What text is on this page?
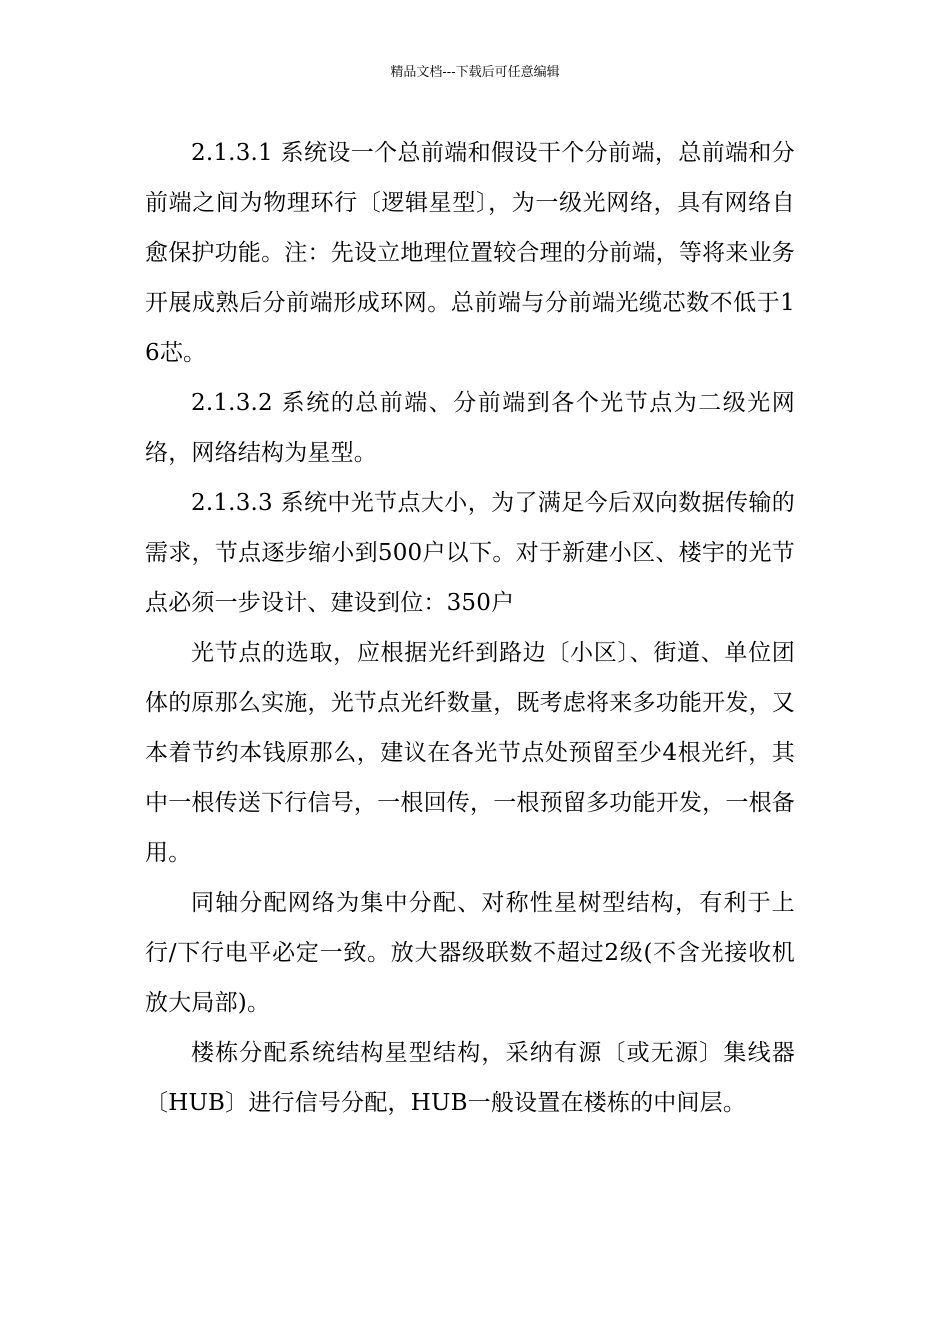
精品文档---下载后可任意编辑

2.1.3.1 系统设一个总前端和假设干个分前端，总前端和分前端之间为物理环行〔逻辑星型〕，为一级光网络，具有网络自愈保护功能。注：先设立地理位置较合理的分前端，等将来业务开展成熟后分前端形成环网。总前端与分前端光缆芯数不低于16芯。

2.1.3.2 系统的总前端、分前端到各个光节点为二级光网络，网络结构为星型。

2.1.3.3 系统中光节点大小，为了满足今后双向数据传输的需求，节点逐步缩小到500户以下。对于新建小区、楼宇的光节点必须一步设计、建设到位：350户

光节点的选取，应根据光纤到路边〔小区〕、街道、单位团体的原那么实施，光节点光纤数量，既考虑将来多功能开发，又本着节约本钱原那么，建议在各光节点处预留至少4根光纤，其中一根传送下行信号，一根回传，一根预留多功能开发，一根备用。

同轴分配网络为集中分配、对称性星树型结构，有利于上行/下行电平必定一致。放大器级联数不超过2级(不含光接收机放大局部)。

楼栋分配系统结构星型结构，采纳有源〔或无源〕集线器〔HUB〕进行信号分配，HUB一般设置在楼栋的中间层。
